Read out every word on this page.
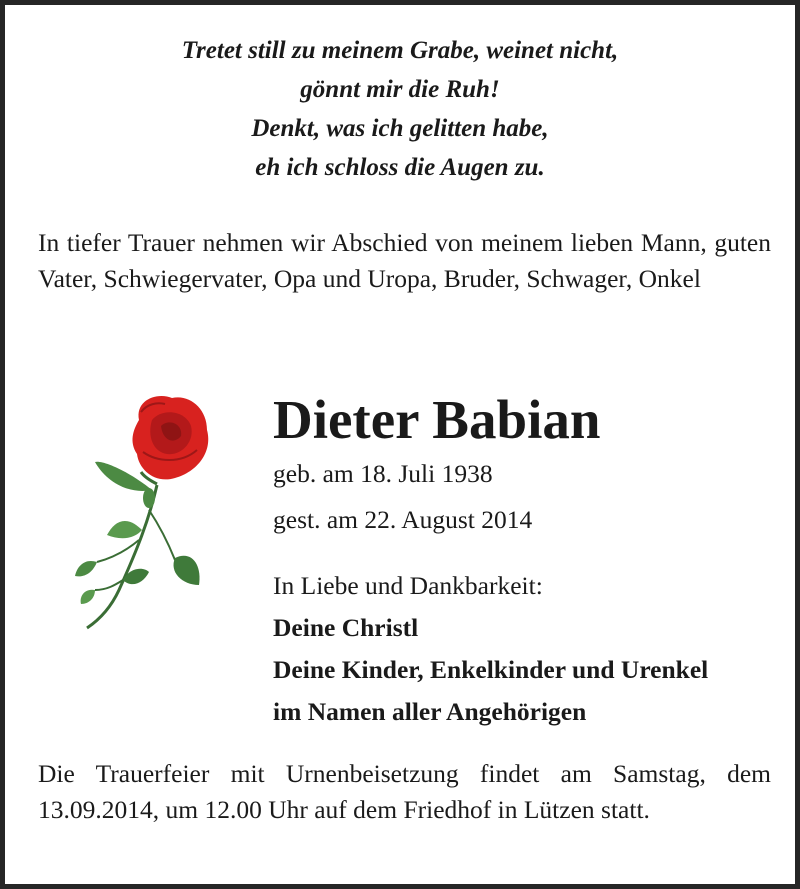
Tretet still zu meinem Grabe, weinet nicht,
gönnt mir die Ruh!
Denkt, was ich gelitten habe,
eh ich schloss die Augen zu.

In tiefer Trauer nehmen wir Abschied von meinem lieben Mann, guten Vater, Schwiegervater, Opa und Uropa, Bruder, Schwager, Onkel

Dieter Babian
geb. am 18. Juli 1938
gest. am 22. August 2014
In Liebe und Dankbarkeit:
Deine Christl
Deine Kinder, Enkelkinder und Urenkel
im Namen aller Angehörigen

Die Trauerfeier mit Urnenbeisetzung findet am Samstag, dem 13.09.2014, um 12.00 Uhr auf dem Friedhof in Lützen statt.
